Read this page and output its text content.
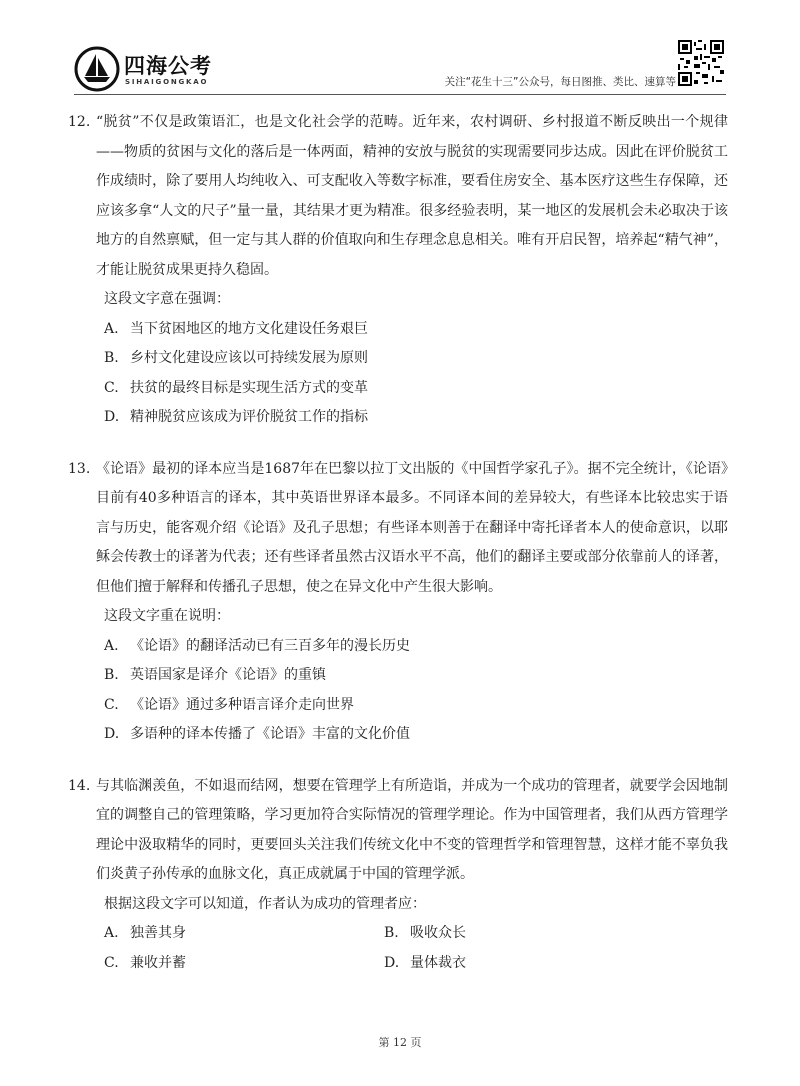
四海公考
SIHAIGONGKAO	关注“花生十三”公众号，每日图推、类比、速算等
12. “脱贫”不仅是政策语汇，也是文化社会学的范畴。近年来，农村调研、乡村报道不断反映出一个规律——物质的贫困与文化的落后是一体两面，精神的安放与脱贫的实现需要同步达成。因此在评价脱贫工作成绩时，除了要用人均纯收入、可支配收入等数字标准，要看住房安全、基本医疗这些生存保障，还应该多拿“人文的尺子”量一量，其结果才更为精准。很多经验表明，某一地区的发展机会未必取决于该地方的自然禀赋，但一定与其人群的价值取向和生存理念息息相关。唯有开启民智，培养起“精气神”，才能让脱贫成果更持久稳固。
这段文字意在强调：
A. 当下贫困地区的地方文化建设任务艰巨
B. 乡村文化建设应该以可持续发展为原则
C. 扶贫的最终目标是实现生活方式的变革
D. 精神脱贫应该成为评价脱贫工作的指标
13. 《论语》最初的译本应当是1687年在巴黎以拉丁文出版的《中国哲学家孔子》。据不完全统计，《论语》目前有40多种语言的译本，其中英语世界译本最多。不同译本间的差异较大，有些译本比较忠实于语言与历史，能客观介绍《论语》及孔子思想；有些译本则善于在翻译中寄托译者本人的使命意识，以耶稣会传教士的译著为代表；还有些译者虽然古汉语水平不高，他们的翻译主要或部分依靠前人的译著，但他们擅于解释和传播孔子思想，使之在异文化中产生很大影响。
这段文字重在说明：
A. 《论语》的翻译活动已有三百多年的漫长历史
B. 英语国家是译介《论语》的重镇
C. 《论语》通过多种语言译介走向世界
D. 多语种的译本传播了《论语》丰富的文化价值
14. 与其临渊羡鱼，不如退而结网，想要在管理学上有所造诣，并成为一个成功的管理者，就要学会因地制宜的调整自己的管理策略，学习更加符合实际情况的管理学理论。作为中国管理者，我们从西方管理学理论中汲取精华的同时，更要回头关注我们传统文化中不变的管理哲学和管理智慧，这样才能不辜负我们炎黄子孙传承的血脉文化，真正成就属于中国的管理学派。
根据这段文字可以知道，作者认为成功的管理者应：
A. 独善其身	B. 吸收众长
C. 兼收并蓄	D. 量体裁衣
第 12 页
